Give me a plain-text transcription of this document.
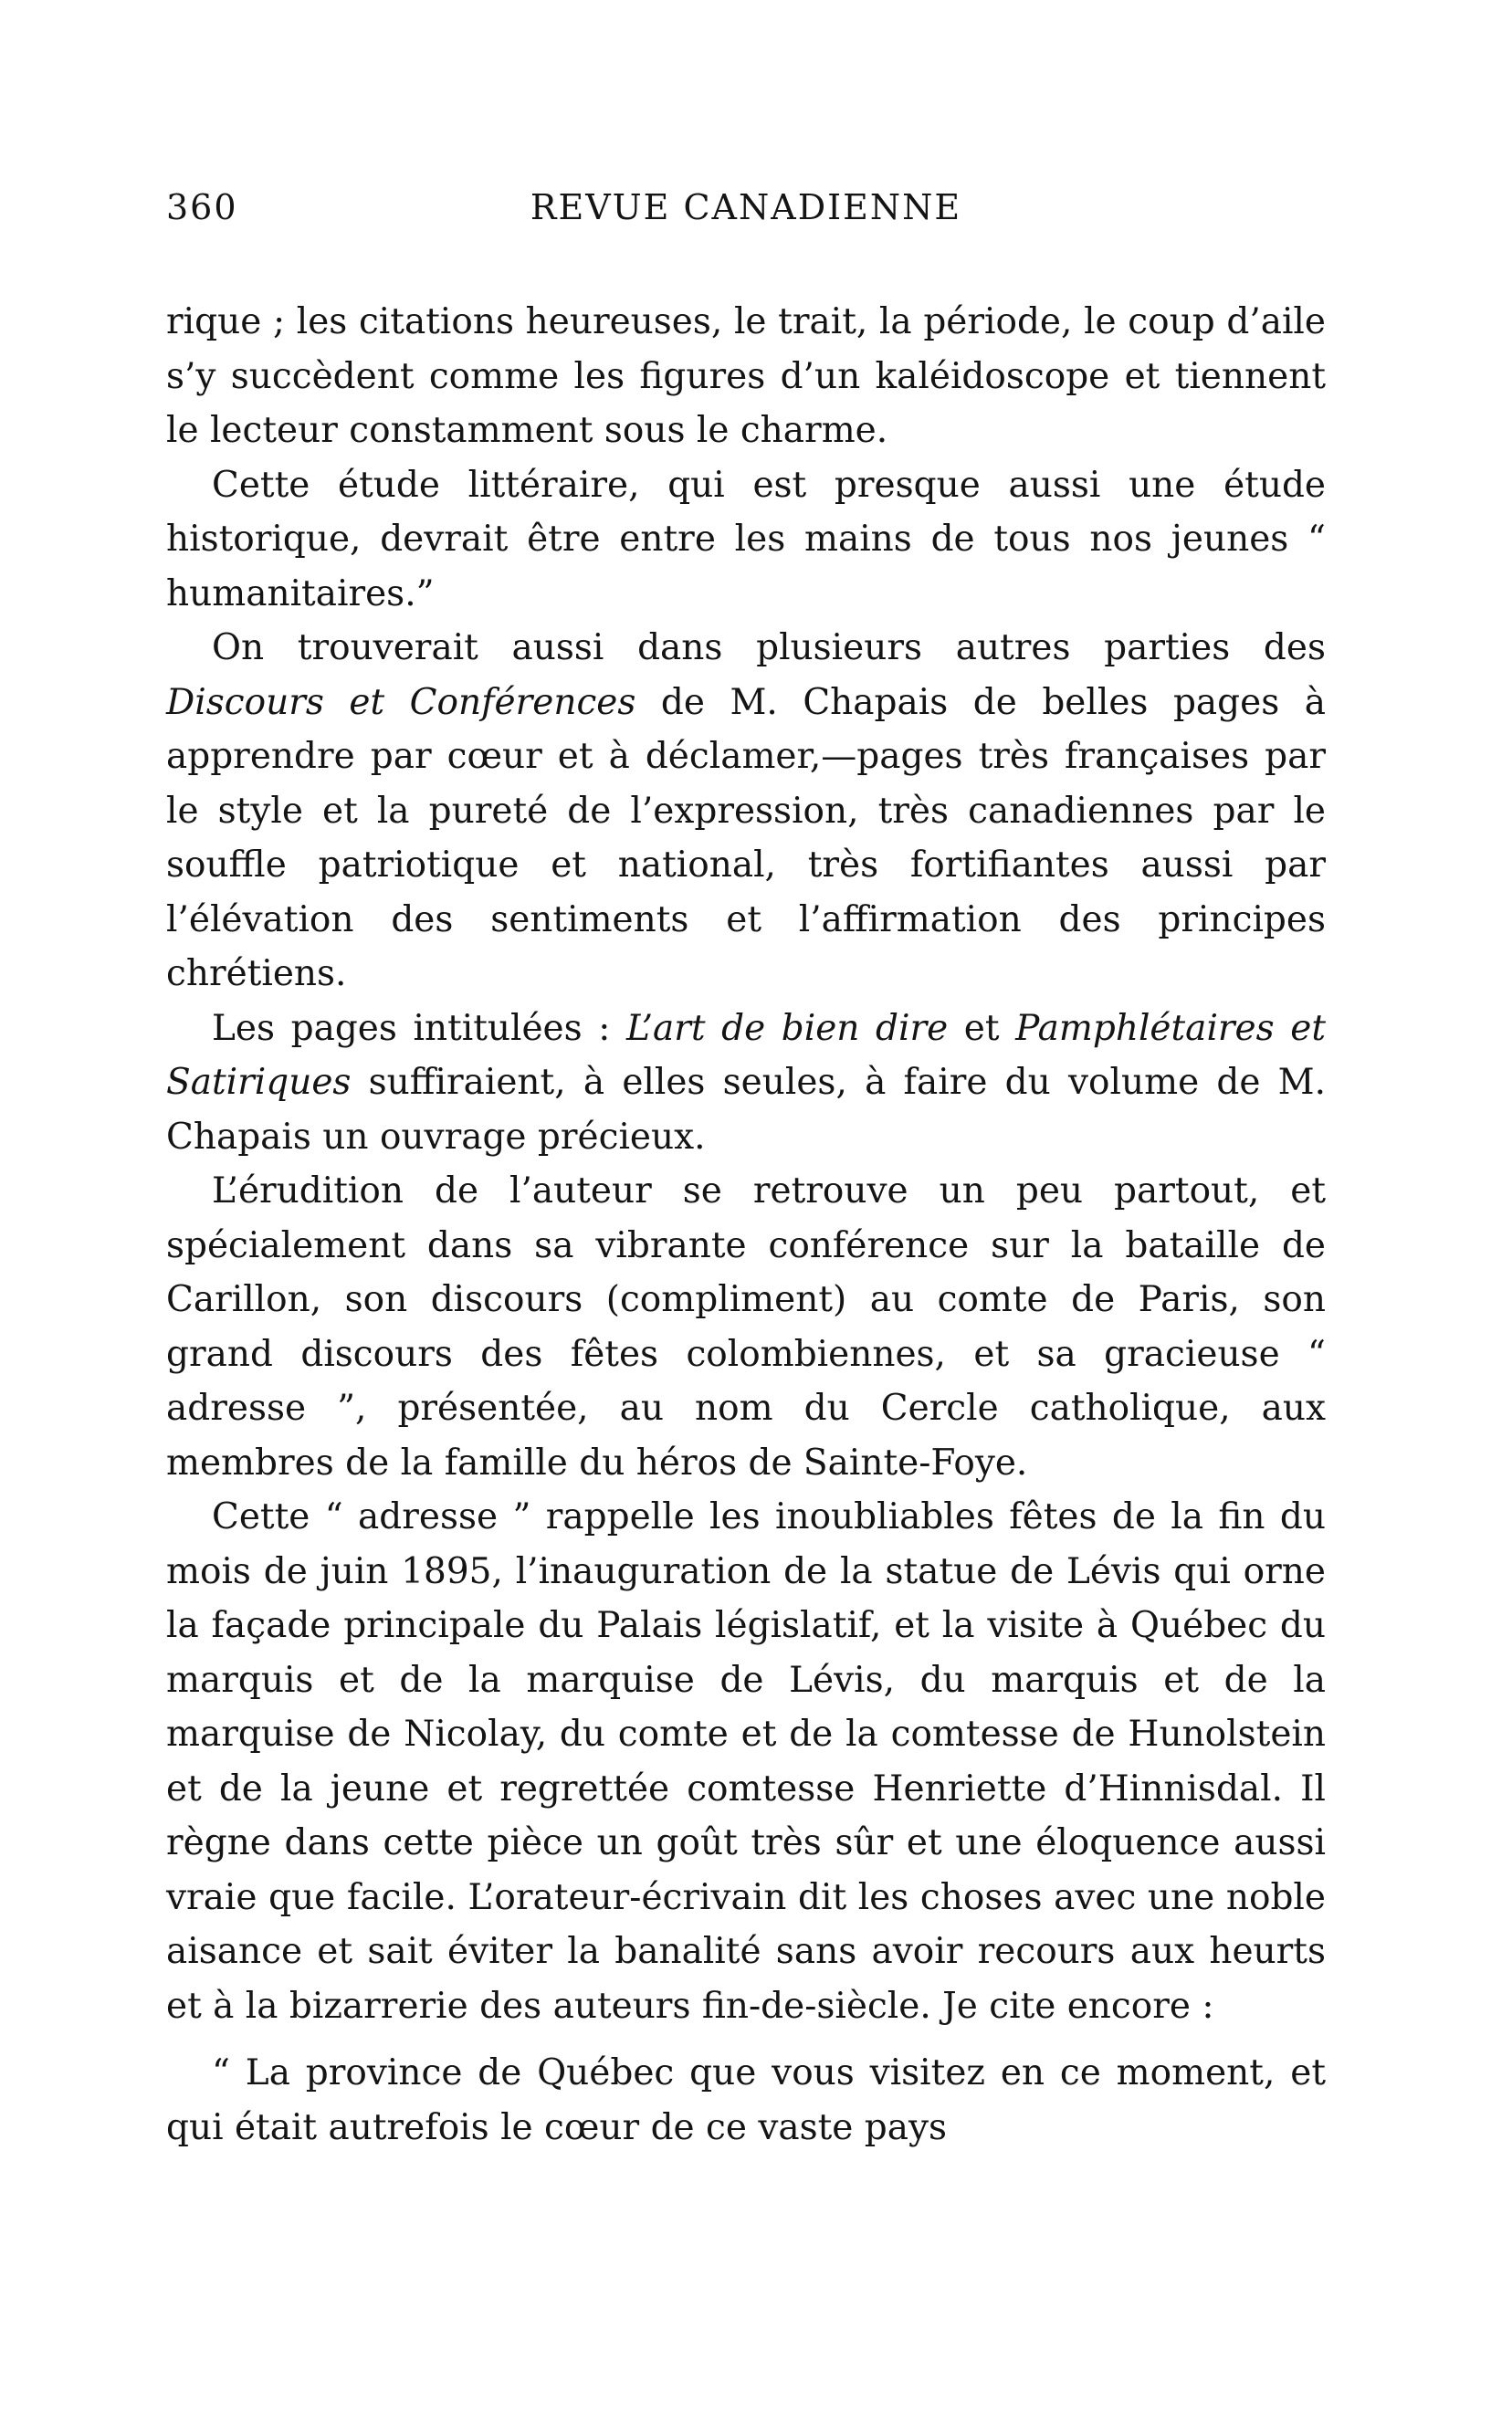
360	REVUE CANADIENNE

rique ; les citations heureuses, le trait, la période, le coup d’aile s’y succèdent comme les figures d’un kaléidoscope et tiennent le lecteur constamment sous le charme.

Cette étude littéraire, qui est presque aussi une étude historique, devrait être entre les mains de tous nos jeunes “ humanitaires.”

On trouverait aussi dans plusieurs autres parties des Discours et Conférences de M. Chapais de belles pages à apprendre par cœur et à déclamer,—pages très françaises par le style et la pureté de l’expression, très canadiennes par le souffle patriotique et national, très fortifiantes aussi par l’élévation des sentiments et l’affirmation des principes chrétiens.

Les pages intitulées : L’art de bien dire et Pamphlétaires et Satiriques suffiraient, à elles seules, à faire du volume de M. Chapais un ouvrage précieux.

L’érudition de l’auteur se retrouve un peu partout, et spécialement dans sa vibrante conférence sur la bataille de Carillon, son discours (compliment) au comte de Paris, son grand discours des fêtes colombiennes, et sa gracieuse “ adresse ”, présentée, au nom du Cercle catholique, aux membres de la famille du héros de Sainte-Foye.

Cette “ adresse ” rappelle les inoubliables fêtes de la fin du mois de juin 1895, l’inauguration de la statue de Lévis qui orne la façade principale du Palais législatif, et la visite à Québec du marquis et de la marquise de Lévis, du marquis et de la marquise de Nicolay, du comte et de la comtesse de Hunolstein et de la jeune et regrettée comtesse Henriette d’Hinnisdal. Il règne dans cette pièce un goût très sûr et une éloquence aussi vraie que facile. L’orateur-écrivain dit les choses avec une noble aisance et sait éviter la banalité sans avoir recours aux heurts et à la bizarrerie des auteurs fin-de-siècle. Je cite encore :

“ La province de Québec que vous visitez en ce moment, et qui était autrefois le cœur de ce vaste pays
